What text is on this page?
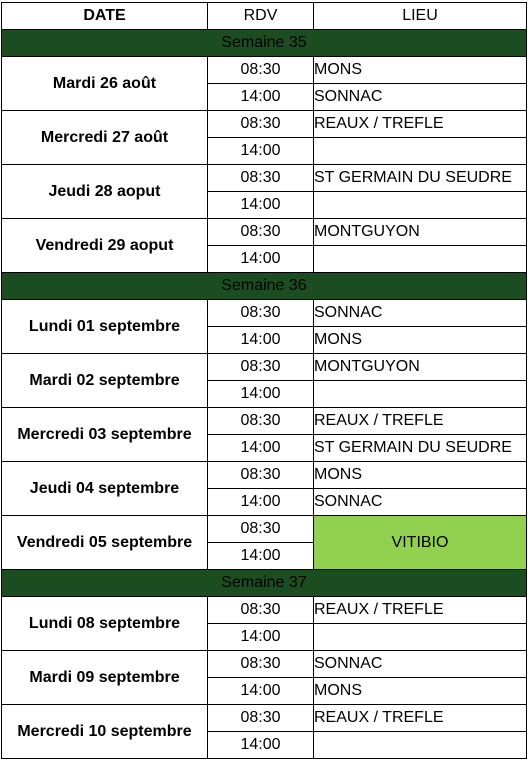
DATE	RDV	LIEU
Semaine 35		
Mardi 26 août	08:30	MONS
	14:00	SONNAC
Mercredi 27 août	08:30	REAUX / TREFLE
	14:00	
Jeudi 28 aoput	08:30	ST GERMAIN DU SEUDRE
	14:00	
Vendredi 29 aoput	08:30	MONTGUYON
	14:00	
Semaine 36		
Lundi 01 septembre	08:30	SONNAC
	14:00	MONS
Mardi 02 septembre	08:30	MONTGUYON
	14:00	
Mercredi 03 septembre	08:30	REAUX / TREFLE
	14:00	ST GERMAIN DU SEUDRE
Jeudi 04 septembre	08:30	MONS
	14:00	SONNAC
Vendredi 05 septembre	08:30	VITIBIO
	14:00	
Semaine 37		
Lundi 08 septembre	08:30	REAUX / TREFLE
	14:00	
Mardi 09 septembre	08:30	SONNAC
	14:00	MONS
Mercredi 10 septembre	08:30	REAUX / TREFLE
	14:00	
